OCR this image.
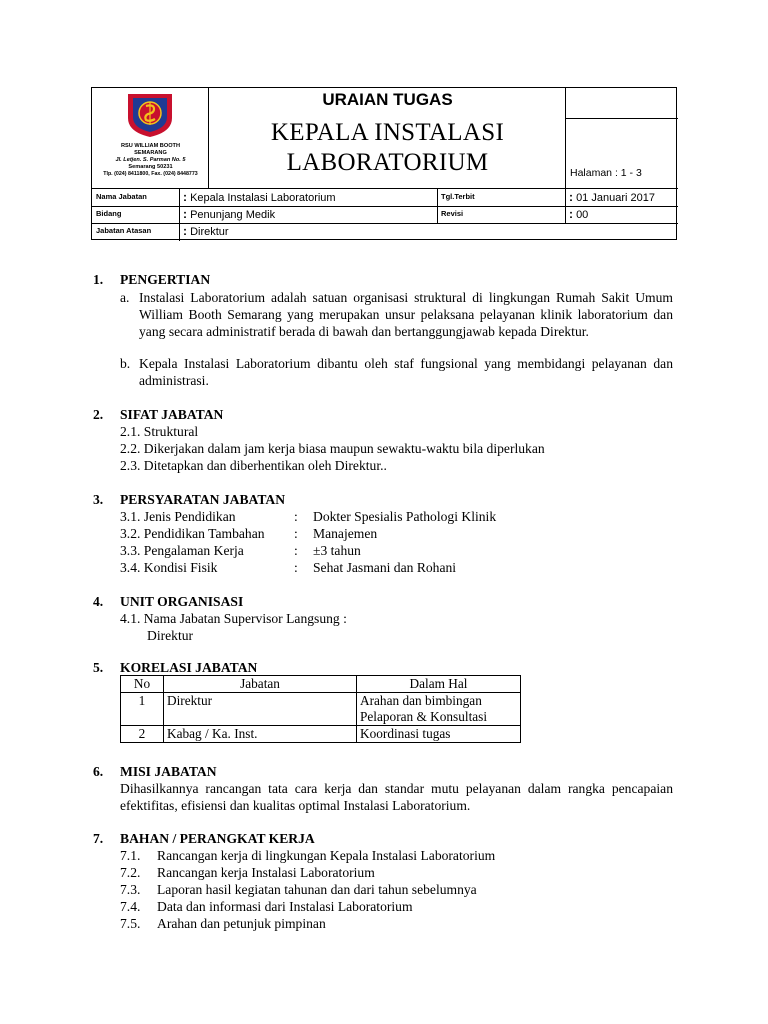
RSU WILLIAM BOOTH
SEMARANG
Jl. Letjen. S. Parman No. 5
Semarang 50231
Tlp. (024) 8411800, Fax. (024) 8448773
URAIAN TUGAS
KEPALA INSTALASI
LABORATORIUM	Halaman : 1 - 3
Nama Jabatan	: Kepala Instalasi Laboratorium	Tgl.Terbit	: 01 Januari 2017
Bidang	: Penunjang Medik	Revisi	: 00
Jabatan Atasan	: Direktur
1. PENGERTIAN
a. Instalasi Laboratorium adalah satuan organisasi struktural di lingkungan Rumah Sakit Umum William Booth Semarang yang merupakan unsur pelaksana pelayanan klinik laboratorium dan yang secara administratif berada di bawah dan bertanggungjawab kepada Direktur.
b. Kepala Instalasi Laboratorium dibantu oleh staf fungsional yang membidangi pelayanan dan administrasi.
2. SIFAT JABATAN
2.1. Struktural
2.2. Dikerjakan dalam jam kerja biasa maupun sewaktu-waktu bila diperlukan
2.3. Ditetapkan dan diberhentikan oleh Direktur..
3. PERSYARATAN JABATAN
3.1. Jenis Pendidikan	: Dokter Spesialis Pathologi Klinik
3.2. Pendidikan Tambahan : Manajemen
3.3. Pengalaman Kerja	: ±3 tahun
3.4. Kondisi Fisik	: Sehat Jasmani dan Rohani
4. UNIT ORGANISASI
4.1. Nama Jabatan Supervisor Langsung :
Direktur
5. KORELASI JABATAN
No	Jabatan	Dalam Hal
1	Direktur	Arahan dan bimbingan
Pelaporan & Konsultasi

2	Kabag / Ka. Inst.	Koordinasi tugas
6. MISI JABATAN
Dihasilkannya rancangan tata cara kerja dan standar mutu pelayanan dalam rangka pencapaian efektifitas, efisiensi dan kualitas optimal Instalasi Laboratorium.
7. BAHAN / PERANGKAT KERJA
7.1. Rancangan kerja di lingkungan Kepala Instalasi Laboratorium
7.2. Rancangan kerja Instalasi Laboratorium
7.3. Laporan hasil kegiatan tahunan dan dari tahun sebelumnya
7.4. Data dan informasi dari Instalasi Laboratorium
7.5. Arahan dan petunjuk pimpinan
